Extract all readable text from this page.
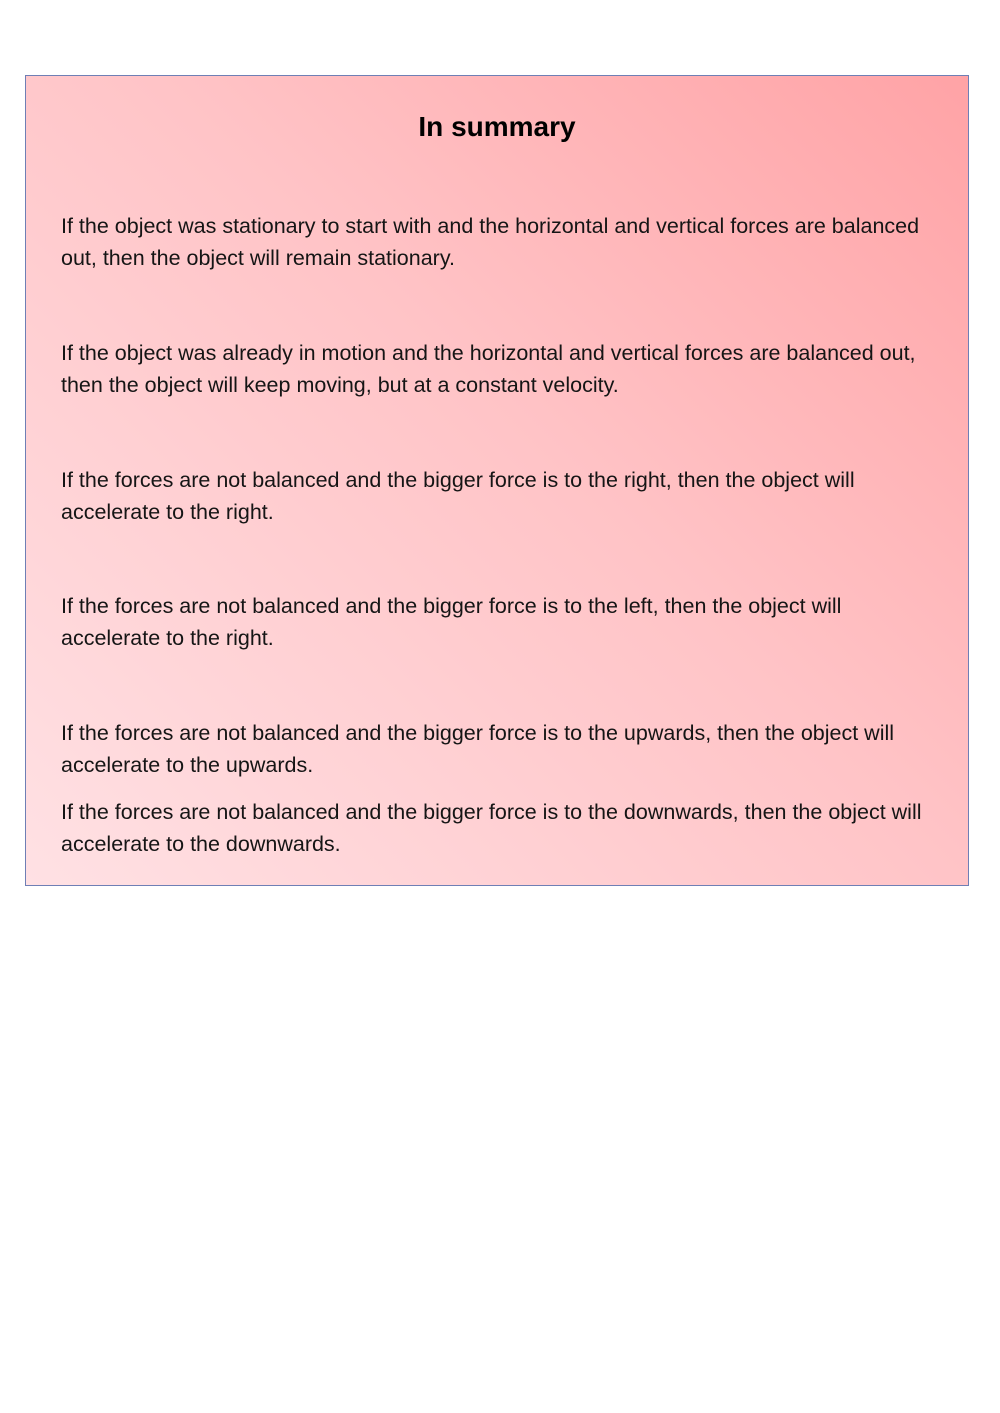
In summary

If the object was stationary to start with and the horizontal and vertical forces are balanced out, then the object will remain stationary.

If the object was already in motion and the horizontal and vertical forces are balanced out, then the object will keep moving, but at a constant velocity.

If the forces are not balanced and the bigger force is to the right, then the object will accelerate to the right.

If the forces are not balanced and the bigger force is to the left, then the object will accelerate to the right.

If the forces are not balanced and the bigger force is to the upwards, then the object will accelerate to the upwards.

If the forces are not balanced and the bigger force is to the downwards, then the object will accelerate to the downwards.
